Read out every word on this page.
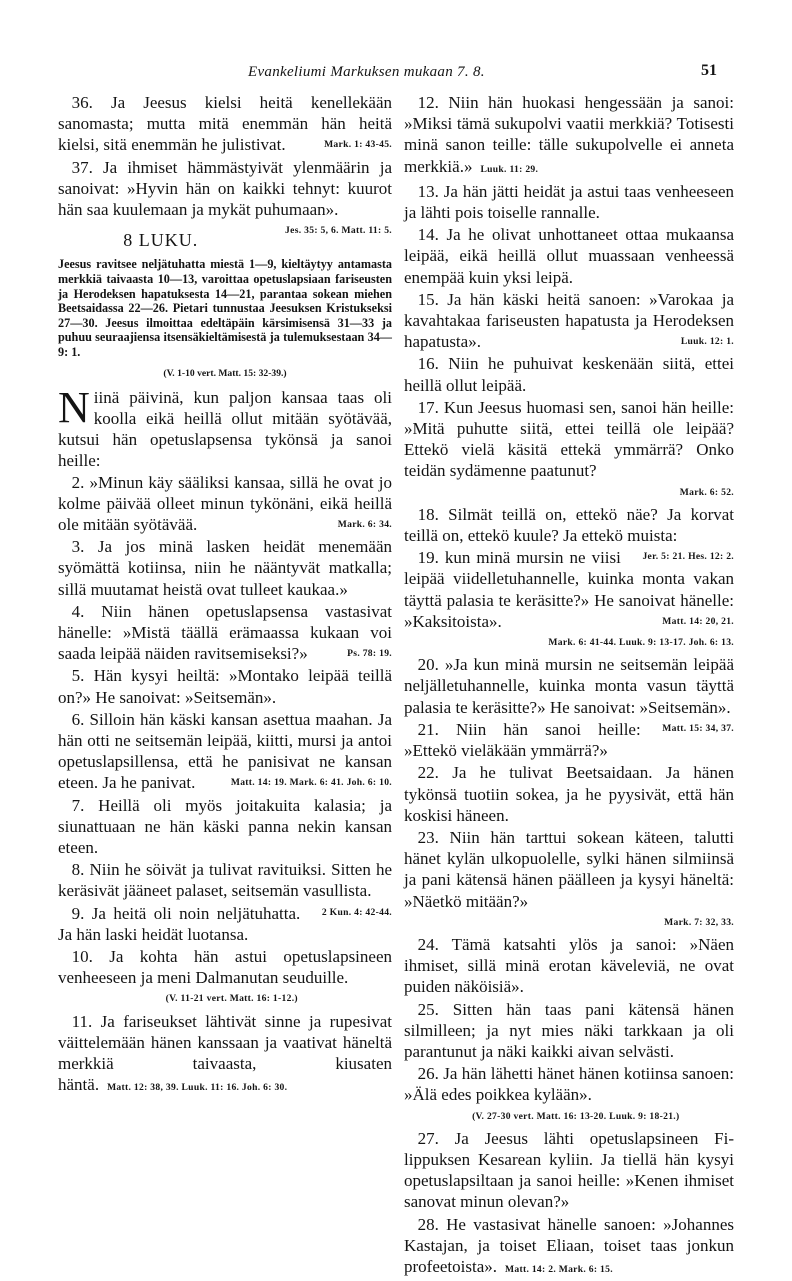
Evankeliumi Markuksen mukaan 7. 8.	51

36. Ja Jeesus kielsi heitä kenellekään sanomasta; mutta mitä enemmän hän heitä kielsi, sitä enemmän he julistivat.	Mark. 1: 43-45.

37. Ja ihmiset hämmästyivät ylenmäärin ja sanoivat: »Hyvin hän on kaikki tehnyt: kuurot hän saa kuulemaan ja mykät puhumaan».
Jes. 35: 5, 6. Matt. 11: 5.

8 LUKU.

Jeesus ravitsee neljätuhatta miestä 1—9, kieltäytyy antamasta merkkiä taivaasta 10—13, varoittaa opetuslapsiaan fariseusten ja Herodeksen hapatuksesta 14—21, parantaa sokean miehen Beetsaidassa 22—26. Pietari tunnustaa Jeesuksen Kristukseksi 27—30. Jeesus ilmoittaa edeltäpäin kärsimisensä 31—33 ja puhuu seuraajiensa itsensäkieltämisestä ja tulemuksestaan 34—9: 1.

(V. 1-10 vert. Matt. 15: 32-39.)

Niinä päivinä, kun paljon kansaa taas oli koolla eikä heillä ollut mitään syötävää, kutsui hän opetuslapsensa tykönsä ja sanoi heille:

2. »Minun käy sääliksi kansaa, sillä he ovat jo kolme päivää olleet minun tykönäni, eikä heillä ole mitään syötävää.	Mark. 6: 34.

3. Ja jos minä lasken heidät menemään syömättä kotiinsa, niin he nääntyvät matkalla; sillä muutamat heistä ovat tulleet kaukaa.»

4. Niin hänen opetuslapsensa vastasivat hänelle: »Mistä täällä erämaassa kukaan voi saada leipää näiden ravitsemiseksi?»	Ps. 78: 19.

5. Hän kysyi heiltä: »Montako leipää teillä on?» He sanoivat: »Seitsemän».

6. Silloin hän käski kansan asettua maahan. Ja hän otti ne seitsemän leipää, kiitti, mursi ja antoi opetuslapsillensa, että he panisivat ne kansan eteen. Ja he panivat.	Matt. 14: 19. Mark. 6: 41. Joh. 6: 10.

7. Heillä oli myös joitakuita kalasia; ja siunattuaan ne hän käski panna nekin kansan eteen.

8. Niin he söivät ja tulivat ravituiksi. Sitten he keräsivät jääneet palaset, seitsemän vasullista.
2 Kun. 4: 42-44.

9. Ja heitä oli noin neljätuhatta. Ja hän laski heidät luotansa.

10. Ja kohta hän astui opetuslapsineen venheeseen ja meni Dalmanutan seuduille.
(V. 11-21 vert. Matt. 16: 1-12.)

11. Ja fariseukset lähtivät sinne ja rupesivat väittelemään hänen kanssaan ja vaativat häneltä merkkiä taivaasta, kiusaten häntä. Matt. 12: 38, 39. Luuk. 11: 16. Joh. 6: 30.

12. Niin hän huokasi hengessään ja sanoi: »Miksi tämä sukupolvi vaatii merkkiä? Totisesti minä sanon teille: tälle sukupolvelle ei anneta merkkiä.» Luuk. 11: 29.

13. Ja hän jätti heidät ja astui taas venheeseen ja lähti pois toiselle rannalle.

14. Ja he olivat unhottaneet ottaa mukaansa leipää, eikä heillä ollut muassaan venheessä enempää kuin yksi leipä.

15. Ja hän käski heitä sanoen: »Varokaa ja kavahtakaa fariseusten hapatusta ja Herodeksen hapatusta».	Luuk. 12: 1.

16. Niin he puhuivat keskenään siitä, ettei heillä ollut leipää.

17. Kun Jeesus huomasi sen, sanoi hän heille: »Mitä puhutte siitä, ettei teillä ole leipää? Ettekö vielä käsitä ettekä ymmärrä? Onko teidän sydämenne paatunut?
Mark. 6: 52.

18. Silmät teillä on, ettekö näe? Ja korvat teillä on, ettekö kuule? Ja ettekö muista:
Jer. 5: 21. Hes. 12: 2.

19. kun minä mursin ne viisi leipää viidelletuhannelle, kuinka monta vakan täyttä palasia te keräsitte?» He sanoivat hänelle: »Kaksitoista».	Matt. 14: 20, 21.
Mark. 6: 41-44. Luuk. 9: 13-17. Joh. 6: 13.

20. »Ja kun minä mursin ne seitsemän leipää neljälletuhannelle, kuinka monta vasun täyttä palasia te keräsitte?» He sanoivat: »Seitsemän».
Matt. 15: 34, 37.

21. Niin hän sanoi heille: »Ettekö vieläkään ymmärrä?»

22. Ja he tulivat Beetsaidaan. Ja hänen tykönsä tuotiin sokea, ja he pyysivät, että hän koskisi häneen.

23. Niin hän tarttui sokean käteen, talutti hänet kylän ulkopuolelle, sylki hänen silmiinsä ja pani kätensä hänen päälleen ja kysyi häneltä: »Näetkö mitään?»
Mark. 7: 32, 33.

24. Tämä katsahti ylös ja sanoi: »Näen ihmiset, sillä minä erotan käveleviä, ne ovat puiden näköisiä».

25. Sitten hän taas pani kätensä hänen silmilleen; ja nyt mies näki tarkkaan ja oli parantunut ja näki kaikki aivan selvästi.

26. Ja hän lähetti hänet hänen kotiinsa sanoen: »Älä edes poikkea kylään».
(V. 27-30 vert. Matt. 16: 13-20. Luuk. 9: 18-21.)

27. Ja Jeesus lähti opetuslapsineen Filippuksen Kesarean kyliin. Ja tiellä hän kysyi opetuslapsiltaan ja sanoi heille: »Kenen ihmiset sanovat minun olevan?»

28. He vastasivat hänelle sanoen: »Johannes Kastajan, ja toiset Eliaan, toiset taas jonkun profeetoista». Matt. 14: 2. Mark. 6: 15.
